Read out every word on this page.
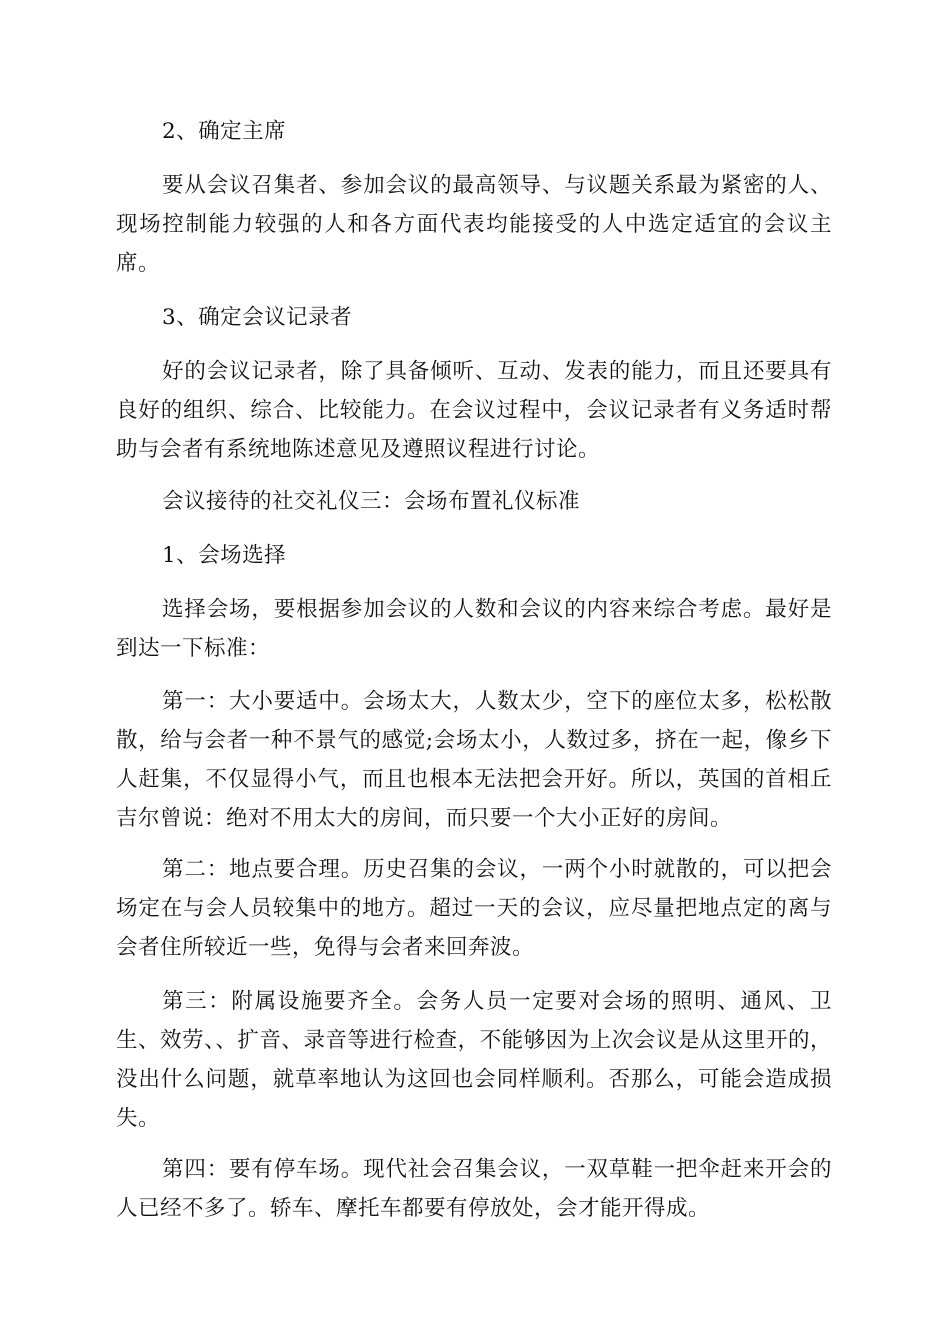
2、确定主席

要从会议召集者、参加会议的最高领导、与议题关系最为紧密的人、现场控制能力较强的人和各方面代表均能接受的人中选定适宜的会议主席。

3、确定会议记录者

好的会议记录者，除了具备倾听、互动、发表的能力，而且还要具有良好的组织、综合、比较能力。在会议过程中，会议记录者有义务适时帮助与会者有系统地陈述意见及遵照议程进行讨论。

会议接待的社交礼仪三：会场布置礼仪标准

1、会场选择

选择会场，要根据参加会议的人数和会议的内容来综合考虑。最好是到达一下标准：

第一：大小要适中。会场太大，人数太少，空下的座位太多，松松散散，给与会者一种不景气的感觉;会场太小，人数过多，挤在一起，像乡下人赶集，不仅显得小气，而且也根本无法把会开好。所以，英国的首相丘吉尔曾说：绝对不用太大的房间，而只要一个大小正好的房间。

第二：地点要合理。历史召集的会议，一两个小时就散的，可以把会场定在与会人员较集中的地方。超过一天的会议，应尽量把地点定的离与会者住所较近一些，免得与会者来回奔波。

第三：附属设施要齐全。会务人员一定要对会场的照明、通风、卫生、效劳、、扩音、录音等进行检查，不能够因为上次会议是从这里开的，没出什么问题，就草率地认为这回也会同样顺利。否那么，可能会造成损失。

第四：要有停车场。现代社会召集会议，一双草鞋一把伞赶来开会的人已经不多了。轿车、摩托车都要有停放处，会才能开得成。
